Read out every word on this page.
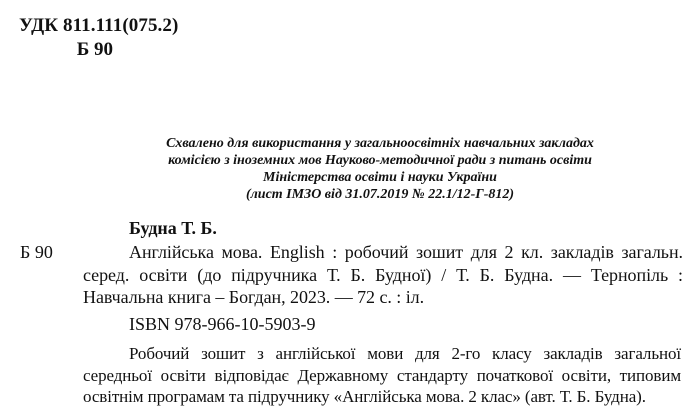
УДК 811.111(075.2)
Б 90
Схвалено для використання у загальноосвітніх навчальних закладах
комісією з іноземних мов Науково-методичної ради з питань освіти
Міністерства освіти і науки України
(лист ІМЗО від 31.07.2019 № 22.1/12-Г-812)
Будна Т. Б.
Б 90	Англійська мова. English : робочий зошит для 2 кл. закладів загальн. серед. освіти (до підручника Т. Б. Будної) / Т. Б. Будна. — Тернопіль : Навчальна книга – Богдан, 2023. — 72 с. : іл.
ISBN 978-966-10-5903-9
Робочий зошит з англійської мови для 2-го класу закладів загальної середньої освіти відповідає Державному стандарту початкової освіти, типовим освітнім програмам та підручнику «Англійська мова. 2 клас» (авт. Т. Б. Будна).
